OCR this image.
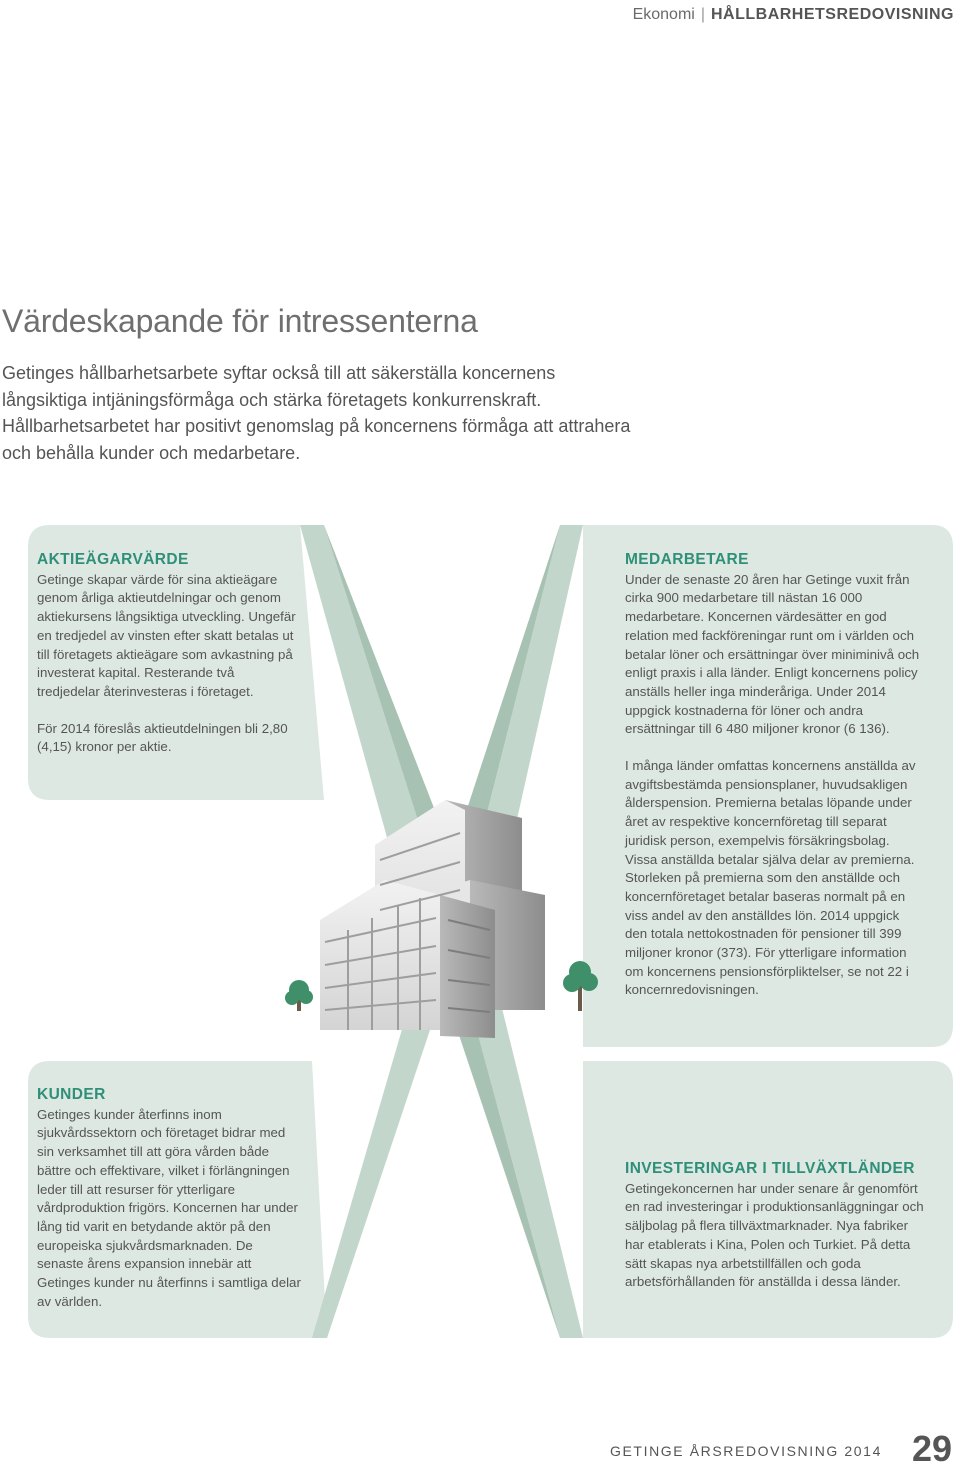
Ekonomi | HÅLLBARHETSREDOVISNING
Värdeskapande för intressenterna

Getinges hållbarhetsarbete syftar också till att säkerställa koncernens långsiktiga intjäningsförmåga och stärka företagets konkurrenskraft. Hållbarhetsarbetet har positivt genomslag på koncernens förmåga att attrahera och behålla kunder och medarbetare.

AKTIEÄGARVÄRDE

Getinge skapar värde för sina aktieägare genom årliga aktieutdelningar och genom aktiekursens långsiktiga utveckling. Ungefär en tredjedel av vinsten efter skatt betalas ut till företagets aktieägare som avkastning på investerat kapital. Resterande två tredjedelar återinvesteras i företaget.

För 2014 föreslås aktieutdelningen bli 2,80 (4,15) kronor per aktie.

MEDARBETARE

Under de senaste 20 åren har Getinge vuxit från cirka 900 medarbetare till nästan 16 000 medarbetare. Koncernen värdesätter en god relation med fackföreningar runt om i världen och betalar löner och ersättningar över miniminivå och enligt praxis i alla länder. Enligt koncernens policy anställs heller inga minderåriga. Under 2014 uppgick kostnaderna för löner och andra ersättningar till 6 480 miljoner kronor (6 136).

I många länder omfattas koncernens anställda av avgiftsbestämda pensionsplaner, huvudsakligen ålderspension. Premierna betalas löpande under året av respektive koncernföretag till separat juridisk person, exempelvis försäkringsbolag. Vissa anställda betalar själva delar av premierna. Storleken på premierna som den anställde och koncernföretaget betalar baseras normalt på en viss andel av den anställdes lön. 2014 uppgick den totala nettokostnaden för pensioner till 399 miljoner kronor (373). För ytterligare information om koncernens pensionsförpliktelser, se not 22 i koncernredovisningen.

KUNDER

Getinges kunder återfinns inom sjukvårdssektorn och företaget bidrar med sin verksamhet till att göra vården både bättre och effektivare, vilket i förlängningen leder till att resurser för ytterligare vårdproduktion frigörs. Koncernen har under lång tid varit en betydande aktör på den europeiska sjukvårdsmarknaden. De senaste årens expansion innebär att Getinges kunder nu återfinns i samtliga delar av världen.

INVESTERINGAR I TILLVÄXTLÄNDER

Getingekoncernen har under senare år genomfört en rad investeringar i produktionsanläggningar och säljbolag på flera tillväxtmarknader. Nya fabriker har etablerats i Kina, Polen och Turkiet. På detta sätt skapas nya arbetstillfällen och goda arbetsförhållanden för anställda i dessa länder.

GETINGE ÅRSREDOVISNING 2014 29
